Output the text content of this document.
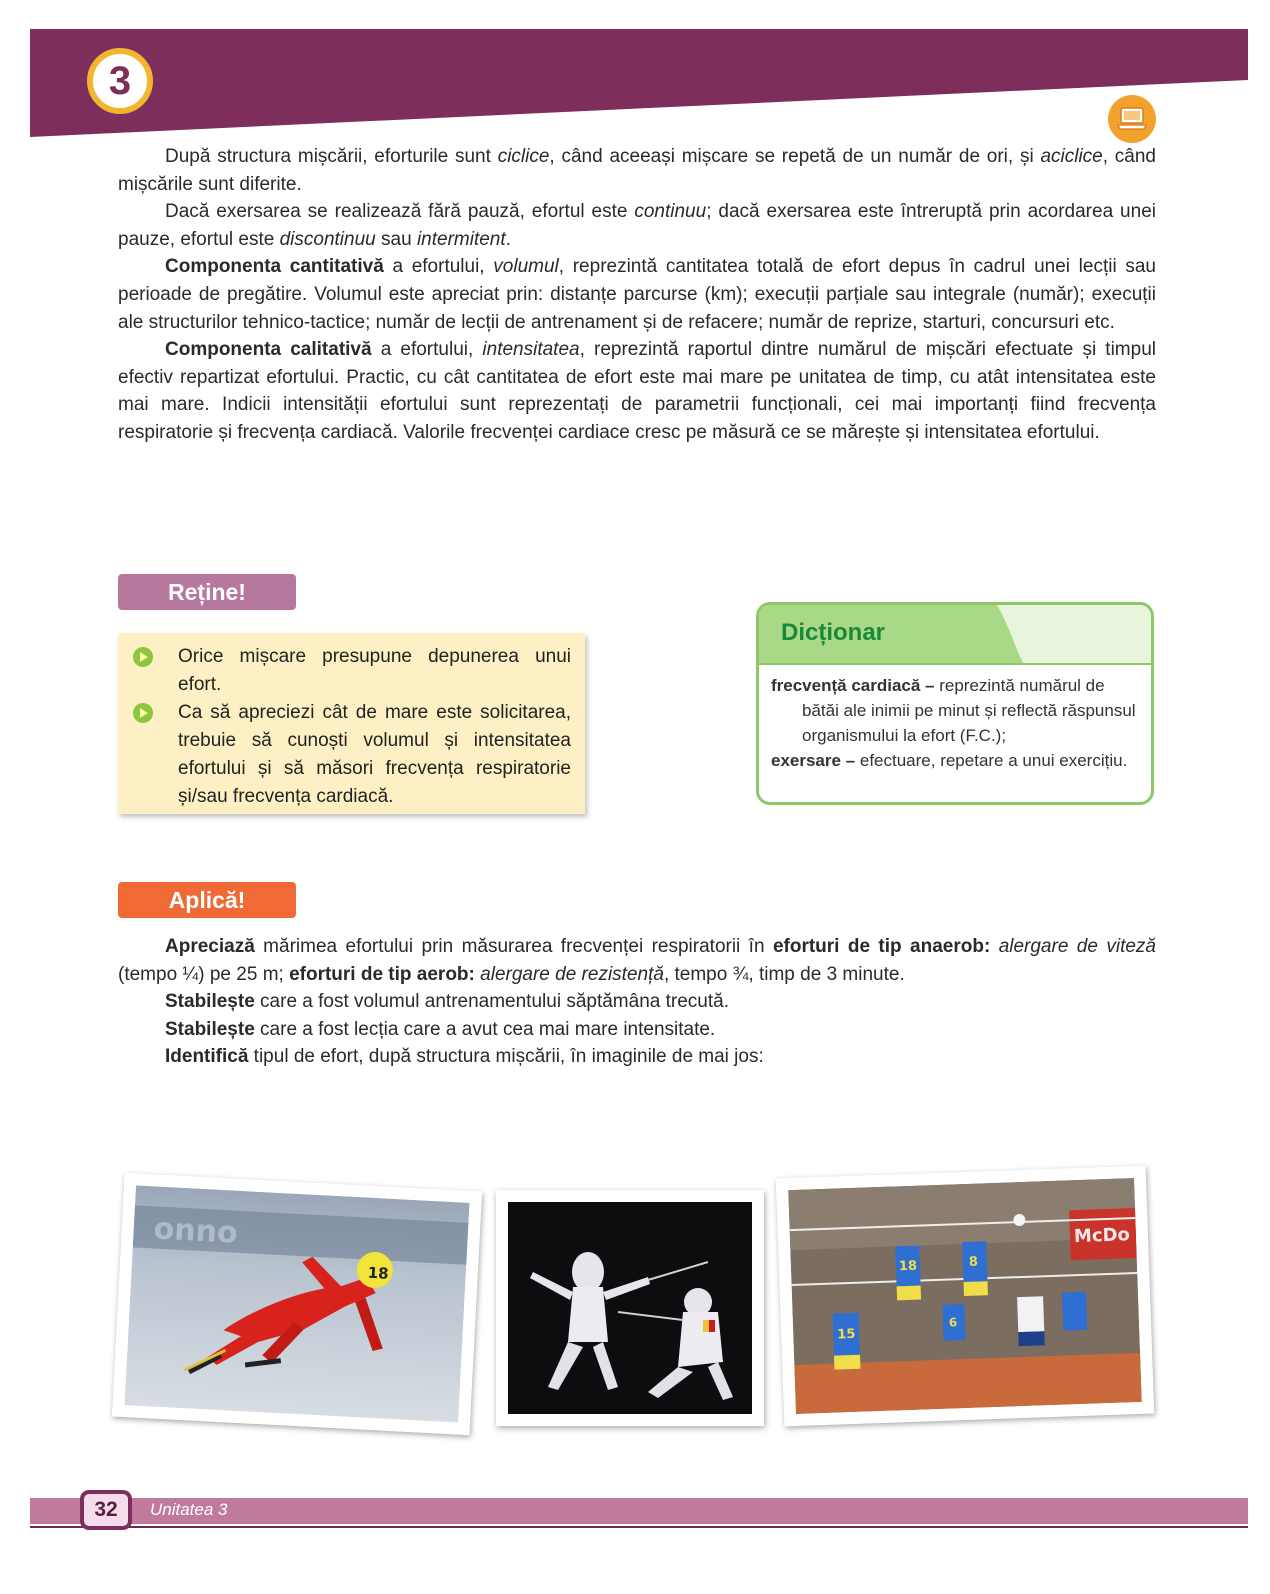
3

După structura mișcării, eforturile sunt ciclice, când aceeași mișcare se repetă de un număr de ori, și aciclice, când mișcările sunt diferite.

Dacă exersarea se realizează fără pauză, efortul este continuu; dacă exersarea este întreruptă prin acordarea unei pauze, efortul este discontinuu sau intermitent.

Componenta cantitativă a efortului, volumul, reprezintă cantitatea totală de efort depus în cadrul unei lecții sau perioade de pregătire. Volumul este apreciat prin: distanțe parcurse (km); execuții parțiale sau integrale (număr); execuții ale structurilor tehnico-tactice; număr de lecții de antrenament și de refacere; număr de reprize, starturi, concursuri etc.

Componenta calitativă a efortului, intensitatea, reprezintă raportul dintre numărul de mișcări efectuate și timpul efectiv repartizat efortului. Practic, cu cât cantitatea de efort este mai mare pe unitatea de timp, cu atât intensitatea este mai mare. Indicii intensității efortului sunt reprezentați de parametrii funcționali, cei mai importanți fiind frecvența respiratorie și frecvența cardiacă. Valorile frecvenței cardiace cresc pe măsură ce se mărește și intensitatea efortului.

Reține!
Orice mișcare presupune depunerea unui efort.
Ca să apreciezi cât de mare este solicitarea, trebuie să cunoști volumul și intensitatea efortului și să măsori frecvența respiratorie și/sau frecvența cardiacă.
Dicționar
frecvență cardiacă – reprezintă numărul de bătăi ale inimii pe minut și reflectă răspunsul organismului la efort (F.C.);
exersare – efectuare, repetare a unui exercițiu.
Aplică!

Apreciază mărimea efortului prin măsurarea frecvenței respiratorii în eforturi de tip anaerob: alergare de viteză (tempo ¼) pe 25 m; eforturi de tip aerob: alergare de rezistență, tempo ¾, timp de 3 minute.

Stabilește care a fost volumul antrenamentului săptămâna trecută.

Stabilește care a fost lecția care a avut cea mai mare intensitate.

Identifică tipul de efort, după structura mișcării, în imaginile de mai jos:

onno
18
McDo
18	8
15
6
32	Unitatea 3
